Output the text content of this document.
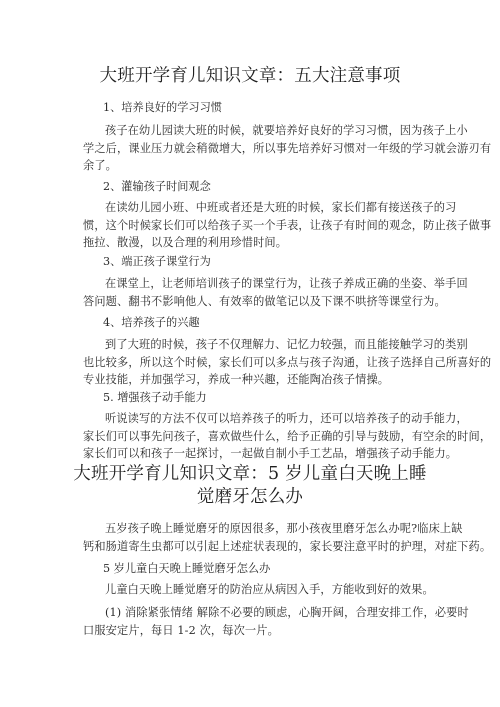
大班开学育儿知识文章：五大注意事项
1、培养良好的学习习惯
孩子在幼儿园读大班的时候，就要培养好良好的学习习惯，因为孩子上小
学之后，课业压力就会稍微增大，所以事先培养好习惯对一年级的学习就会游刃有
余了。
2、灌输孩子时间观念
在读幼儿园小班、中班或者还是大班的时候，家长们都有接送孩子的习
惯，这个时候家长们可以给孩子买一个手表，让孩子有时间的观念，防止孩子做事
拖拉、散漫，以及合理的利用珍惜时间。
3、端正孩子课堂行为
在课堂上，让老师培训孩子的课堂行为，让孩子养成正确的坐姿、举手回
答问题、翻书不影响他人、有效率的做笔记以及下课不哄挤等课堂行为。
4、培养孩子的兴趣
到了大班的时候，孩子不仅理解力、记忆力较强，而且能接触学习的类别
也比较多，所以这个时候，家长们可以多点与孩子沟通，让孩子选择自己所喜好的
专业技能，并加强学习，养成一种兴趣，还能陶冶孩子情操。
5. 增强孩子动手能力
听说读写的方法不仅可以培养孩子的听力，还可以培养孩子的动手能力，
家长们可以事先问孩子，喜欢做些什么，给予正确的引导与鼓励，有空余的时间，
家长们可以和孩子一起探讨，一起做自制小手工艺品，增强孩子动手能力。
大班开学育儿知识文章：5 岁儿童白天晚上睡
觉磨牙怎么办
五岁孩子晚上睡觉磨牙的原因很多，那小孩夜里磨牙怎么办呢?临床上缺
钙和肠道寄生虫都可以引起上述症状表现的，家长要注意平时的护理，对症下药。
5 岁儿童白天晚上睡觉磨牙怎么办
儿童白天晚上睡觉磨牙的防治应从病因入手，方能收到好的效果。
(1) 消除紧张情绪 解除不必要的顾虑，心胸开阔，合理安排工作，必要时
口服安定片，每日 1-2 次，每次一片。
